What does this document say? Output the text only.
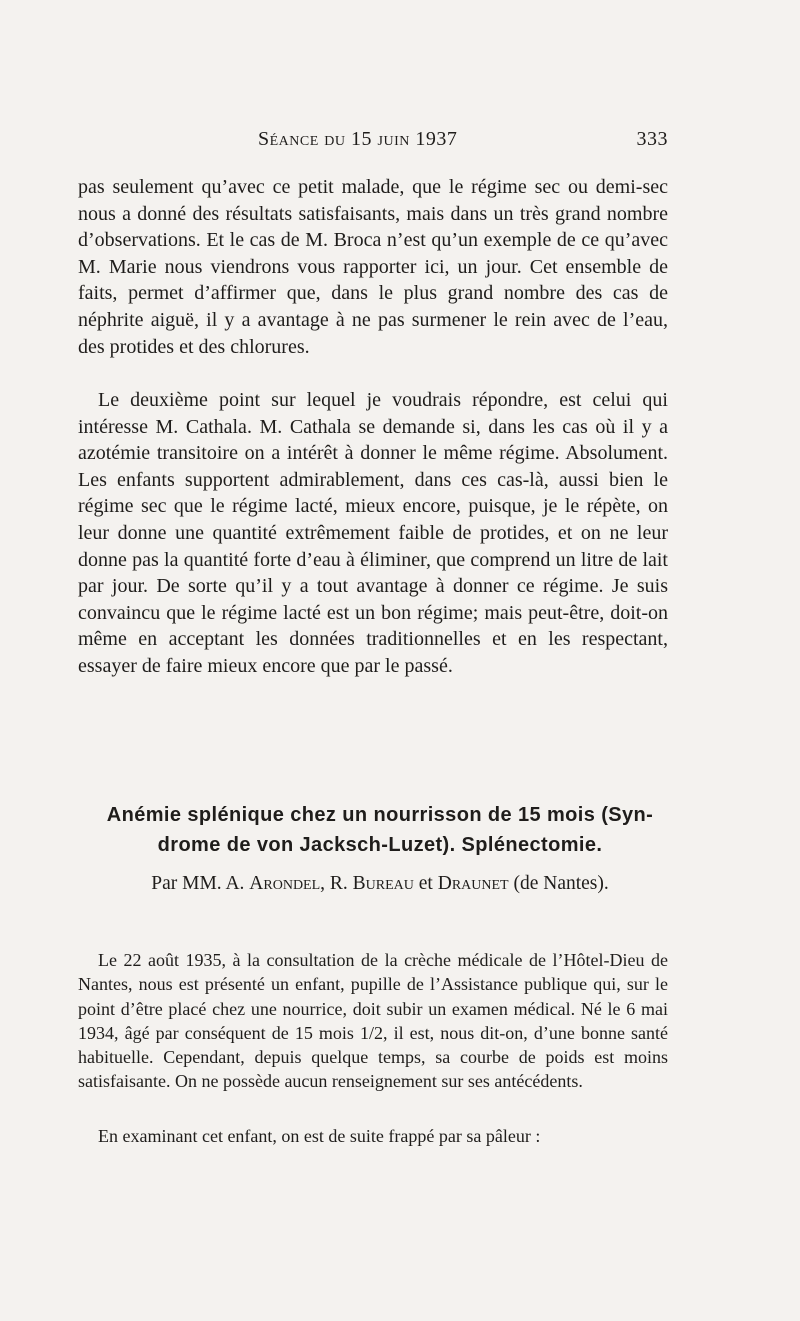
Séance du 15 juin 1937	333

pas seulement qu’avec ce petit malade, que le régime sec ou demi-sec nous a donné des résultats satisfaisants, mais dans un très grand nombre d’observations. Et le cas de M. Broca n’est qu’un exemple de ce qu’avec M. Marie nous viendrons vous rapporter ici, un jour. Cet ensemble de faits, permet d’affirmer que, dans le plus grand nombre des cas de néphrite aiguë, il y a avantage à ne pas surmener le rein avec de l’eau, des protides et des chlorures.

Le deuxième point sur lequel je voudrais répondre, est celui qui intéresse M. Cathala. M. Cathala se demande si, dans les cas où il y a azotémie transitoire on a intérêt à donner le même régime. Absolument. Les enfants supportent admirablement, dans ces cas-là, aussi bien le régime sec que le régime lacté, mieux encore, puisque, je le répète, on leur donne une quantité extrêmement faible de protides, et on ne leur donne pas la quantité forte d’eau à éliminer, que comprend un litre de lait par jour. De sorte qu’il y a tout avantage à donner ce régime. Je suis convaincu que le régime lacté est un bon régime; mais peut-être, doit-on même en acceptant les données traditionnelles et en les respectant, essayer de faire mieux encore que par le passé.

Anémie splénique chez un nourrisson de 15 mois (Syn-
drome de von Jacksch-Luzet). Splénectomie.
Par MM. A. Arondel, R. Bureau et Draunet (de Nantes).

Le 22 août 1935, à la consultation de la crèche médicale de l’Hôtel-Dieu de Nantes, nous est présenté un enfant, pupille de l’Assistance publique qui, sur le point d’être placé chez une nourrice, doit subir un examen médical. Né le 6 mai 1934, âgé par conséquent de 15 mois 1/2, il est, nous dit-on, d’une bonne santé habituelle. Cependant, depuis quelque temps, sa courbe de poids est moins satisfaisante. On ne possède aucun renseignement sur ses antécédents.

En examinant cet enfant, on est de suite frappé par sa pâleur :
